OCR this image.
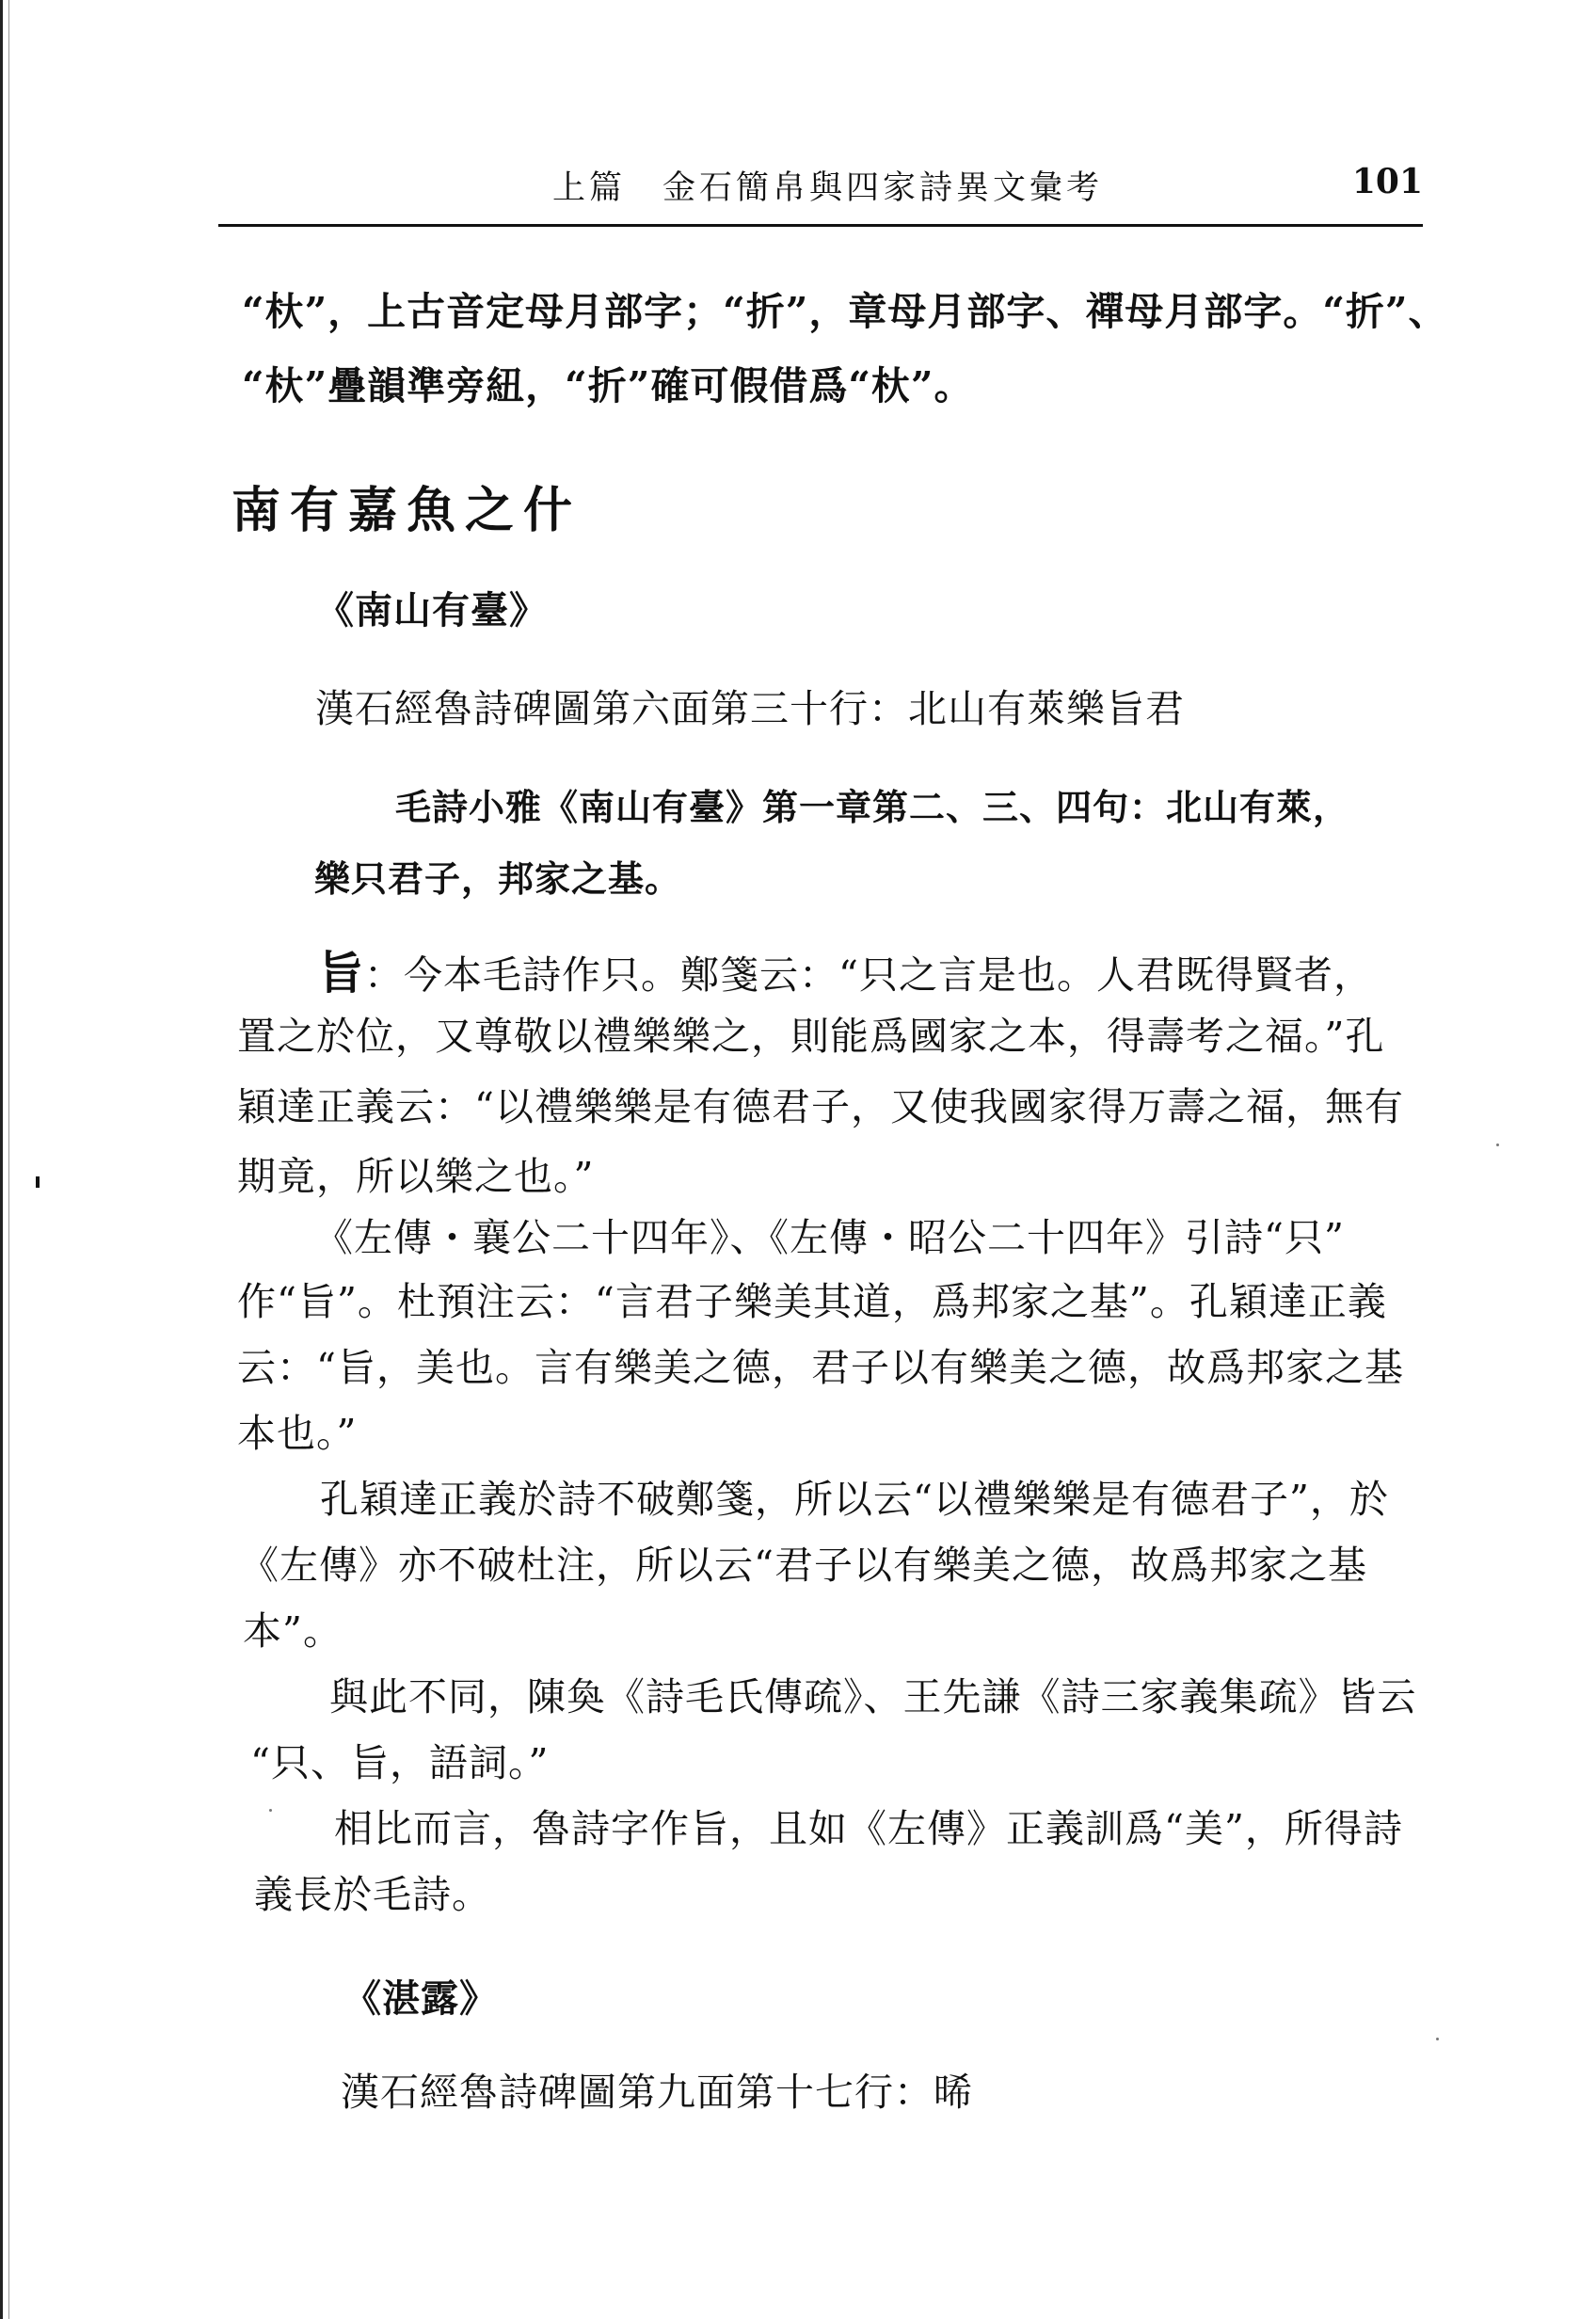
上篇　金石簡帛與四家詩異文彙考	101
“杕”，上古音定母月部字；“折”，章母月部字、禪母月部字。“折”、
“杕”疊韻準旁紐，“折”確可假借爲“杕”。
南有嘉魚之什
《南山有臺》
漢石經魯詩碑圖第六面第三十行：北山有萊樂旨君
毛詩小雅《南山有臺》第一章第二、三、四句：北山有萊，
樂只君子，邦家之基。
旨：今本毛詩作只。鄭箋云：“只之言是也。人君既得賢者，
置之於位，又尊敬以禮樂樂之，則能爲國家之本，得壽考之福。”孔
穎達正義云：“以禮樂樂是有德君子，又使我國家得万壽之福，無有
期竟，所以樂之也。”
《左傳・襄公二十四年》、《左傳・昭公二十四年》引詩“只”
作“旨”。杜預注云：“言君子樂美其道，爲邦家之基”。孔穎達正義
云：“旨，美也。言有樂美之德，君子以有樂美之德，故爲邦家之基
本也。”
孔穎達正義於詩不破鄭箋，所以云“以禮樂樂是有德君子”，於
《左傳》亦不破杜注，所以云“君子以有樂美之德，故爲邦家之基
本”。
與此不同，陳奐《詩毛氏傳疏》、王先謙《詩三家義集疏》皆云
“只、旨，語詞。”
相比而言，魯詩字作旨，且如《左傳》正義訓爲“美”，所得詩
義長於毛詩。
《湛露》
漢石經魯詩碑圖第九面第十七行：晞
